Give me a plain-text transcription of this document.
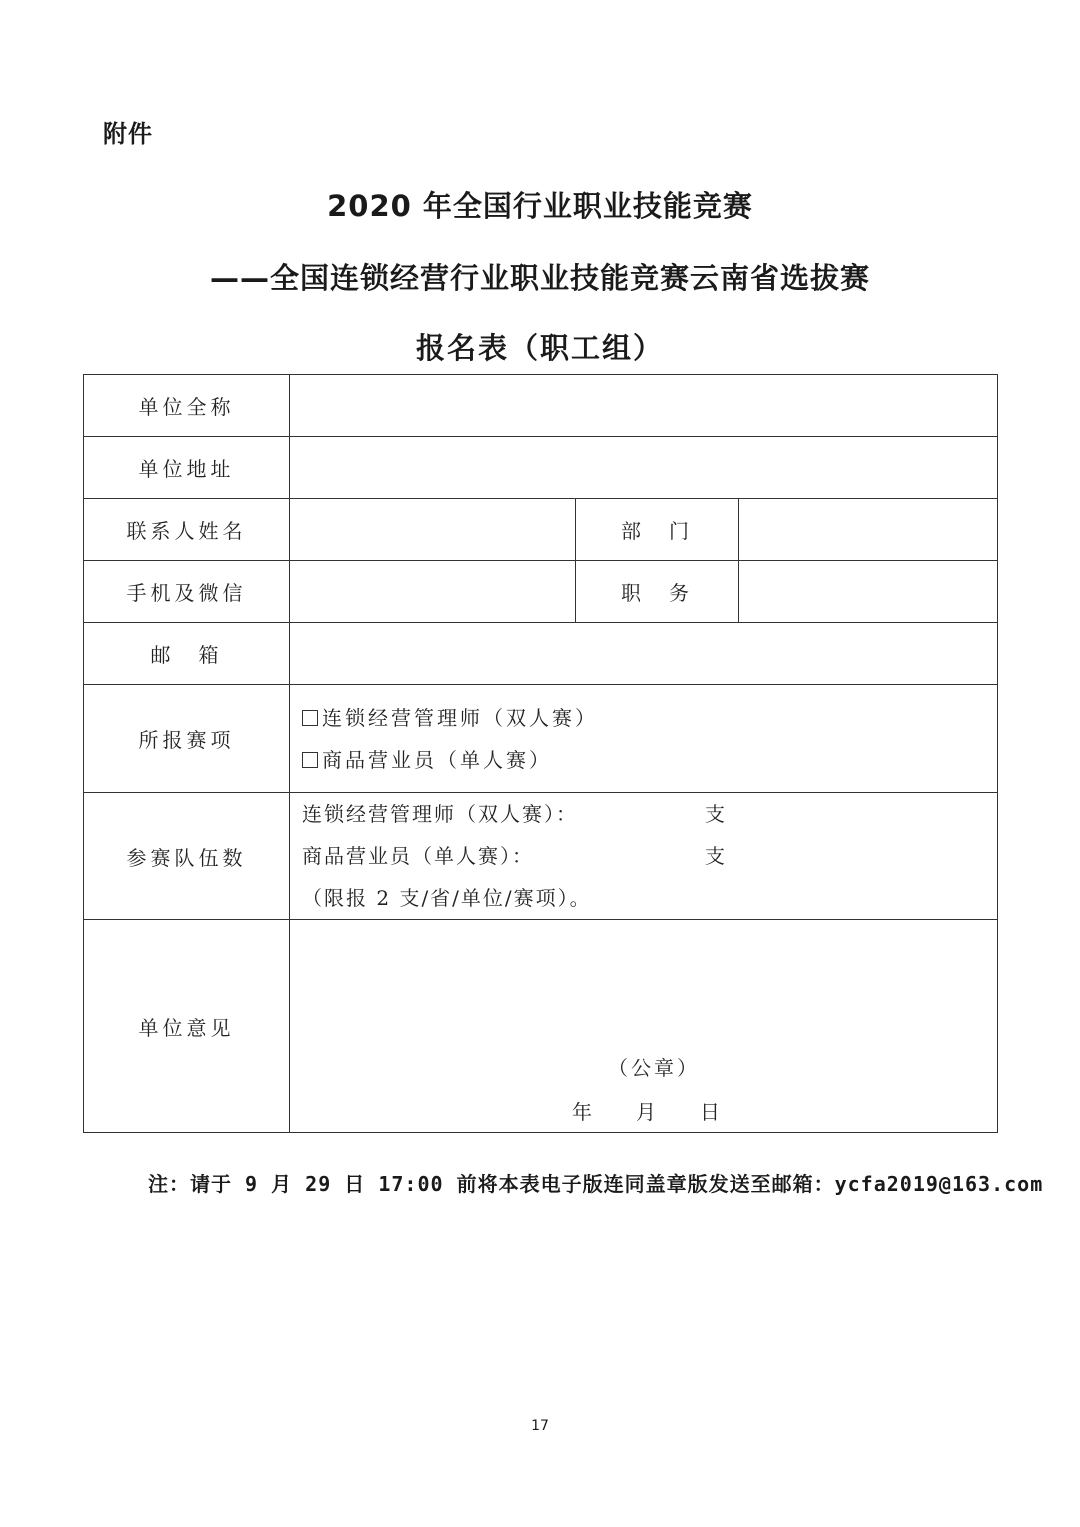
附件
2020 年全国行业职业技能竞赛
——全国连锁经营行业职业技能竞赛云南省选拔赛
报名表（职工组）
单位全称			
单位地址			
联系人姓名		部　门	
手机及微信		职　务	
邮　箱			
所报赛项	连锁经营管理师（双人赛）
商品营业员（单人赛）		

参赛队伍数	连锁经营管理师（双人赛）： 支
商品营业员（单人赛）： 支
（限报 2 支/省/单位/赛项）。		

单位意见	（公章）
年 月 日		
注：请于 9 月 29 日 17:00 前将本表电子版连同盖章版发送至邮箱：ycfa2019@163.com
17
